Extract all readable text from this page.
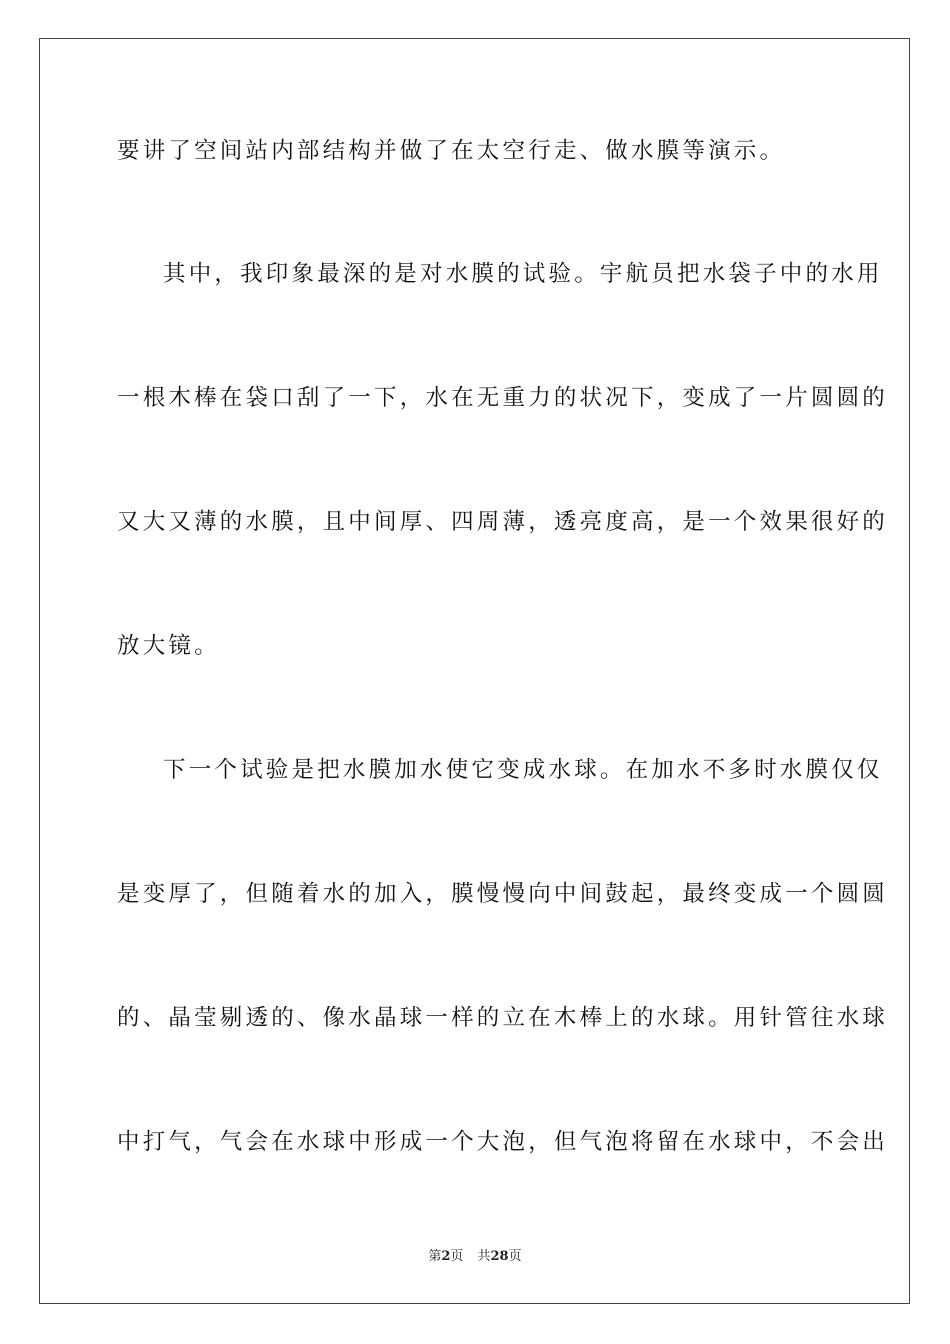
要讲了空间站内部结构并做了在太空行走、做水膜等演示。
其中，我印象最深的是对水膜的试验。宇航员把水袋子中的水用
一根木棒在袋口刮了一下，水在无重力的状况下，变成了一片圆圆的
又大又薄的水膜，且中间厚、四周薄，透亮度高，是一个效果很好的
放大镜。
下一个试验是把水膜加水使它变成水球。在加水不多时水膜仅仅
是变厚了，但随着水的加入，膜慢慢向中间鼓起，最终变成一个圆圆
的、晶莹剔透的、像水晶球一样的立在木棒上的水球。用针管往水球
中打气，气会在水球中形成一个大泡，但气泡将留在水球中，不会出
第2页 共28页
